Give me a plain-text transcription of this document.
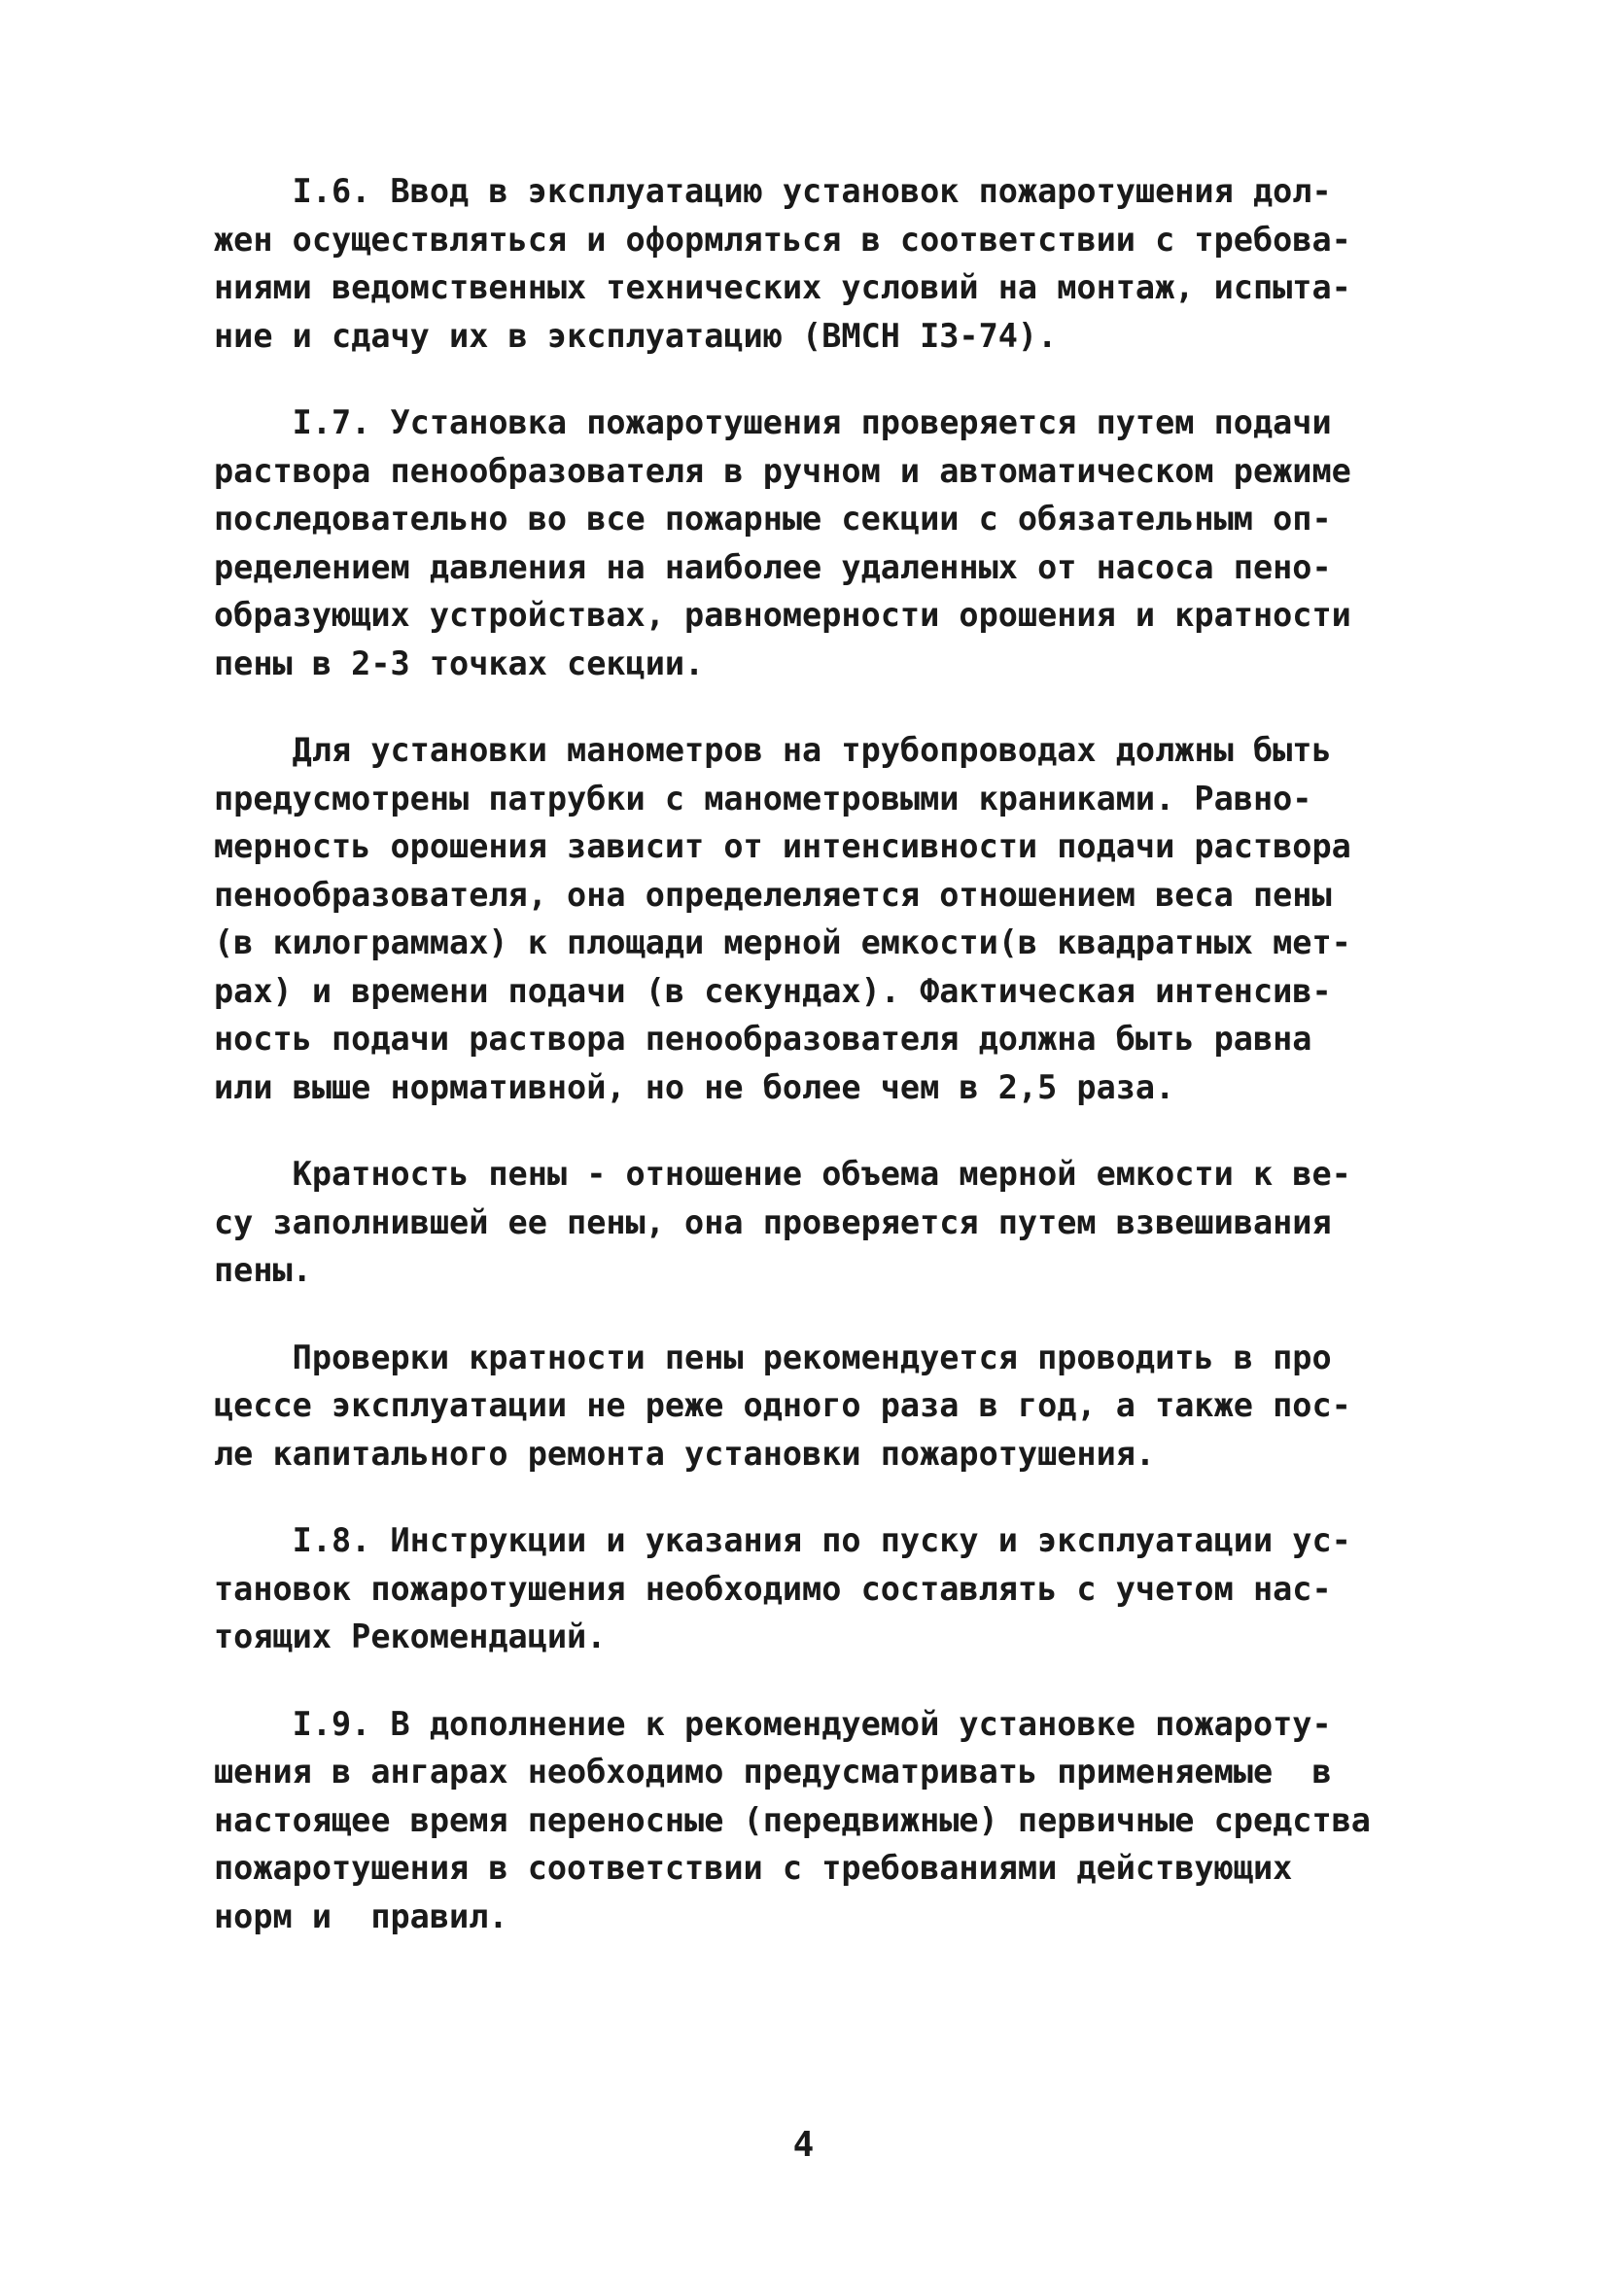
I.6. Ввод в эксплуатацию установок пожаротушения дол-
жен осуществляться и оформляться в соответствии с требова-
ниями ведомственных технических условий на монтаж, испыта-
ние и сдачу их в эксплуатацию (ВМСН I3-74).
I.7. Установка пожаротушения проверяется путем подачи
раствора пенообразователя в ручном и автоматическом режиме
последовательно во все пожарные секции с обязательным оп-
ределением давления на наиболее удаленных от насоса пено-
образующих устройствах, равномерности орошения и кратности
пены в 2-3 точках секции.
Для установки манометров на трубопроводах должны быть
предусмотрены патрубки с манометровыми краниками. Равно-
мерность орошения зависит от интенсивности подачи раствора
пенообразователя, она определеляется отношением веса пены
(в килограммах) к площади мерной емкости(в квадратных мет-
рах) и времени подачи (в секундах). Фактическая интенсив-
ность подачи раствора пенообразователя должна быть равна
или выше нормативной, но не более чем в 2,5 раза.
Кратность пены - отношение объема мерной емкости к ве-
су заполнившей ее пены, она проверяется путем взвешивания
пены.
Проверки кратности пены рекомендуется проводить в про
цессе эксплуатации не реже одного раза в год, а также пос-
ле капитального ремонта установки пожаротушения.
I.8. Инструкции и указания по пуску и эксплуатации ус-
тановок пожаротушения необходимо составлять с учетом нас-
тоящих Рекомендаций.
I.9. В дополнение к рекомендуемой установке пожароту-
шения в ангарах необходимо предусматривать применяемые  в
настоящее время переносные (передвижные) первичные средства
пожаротушения в соответствии с требованиями действующих
норм и  правил.
4
